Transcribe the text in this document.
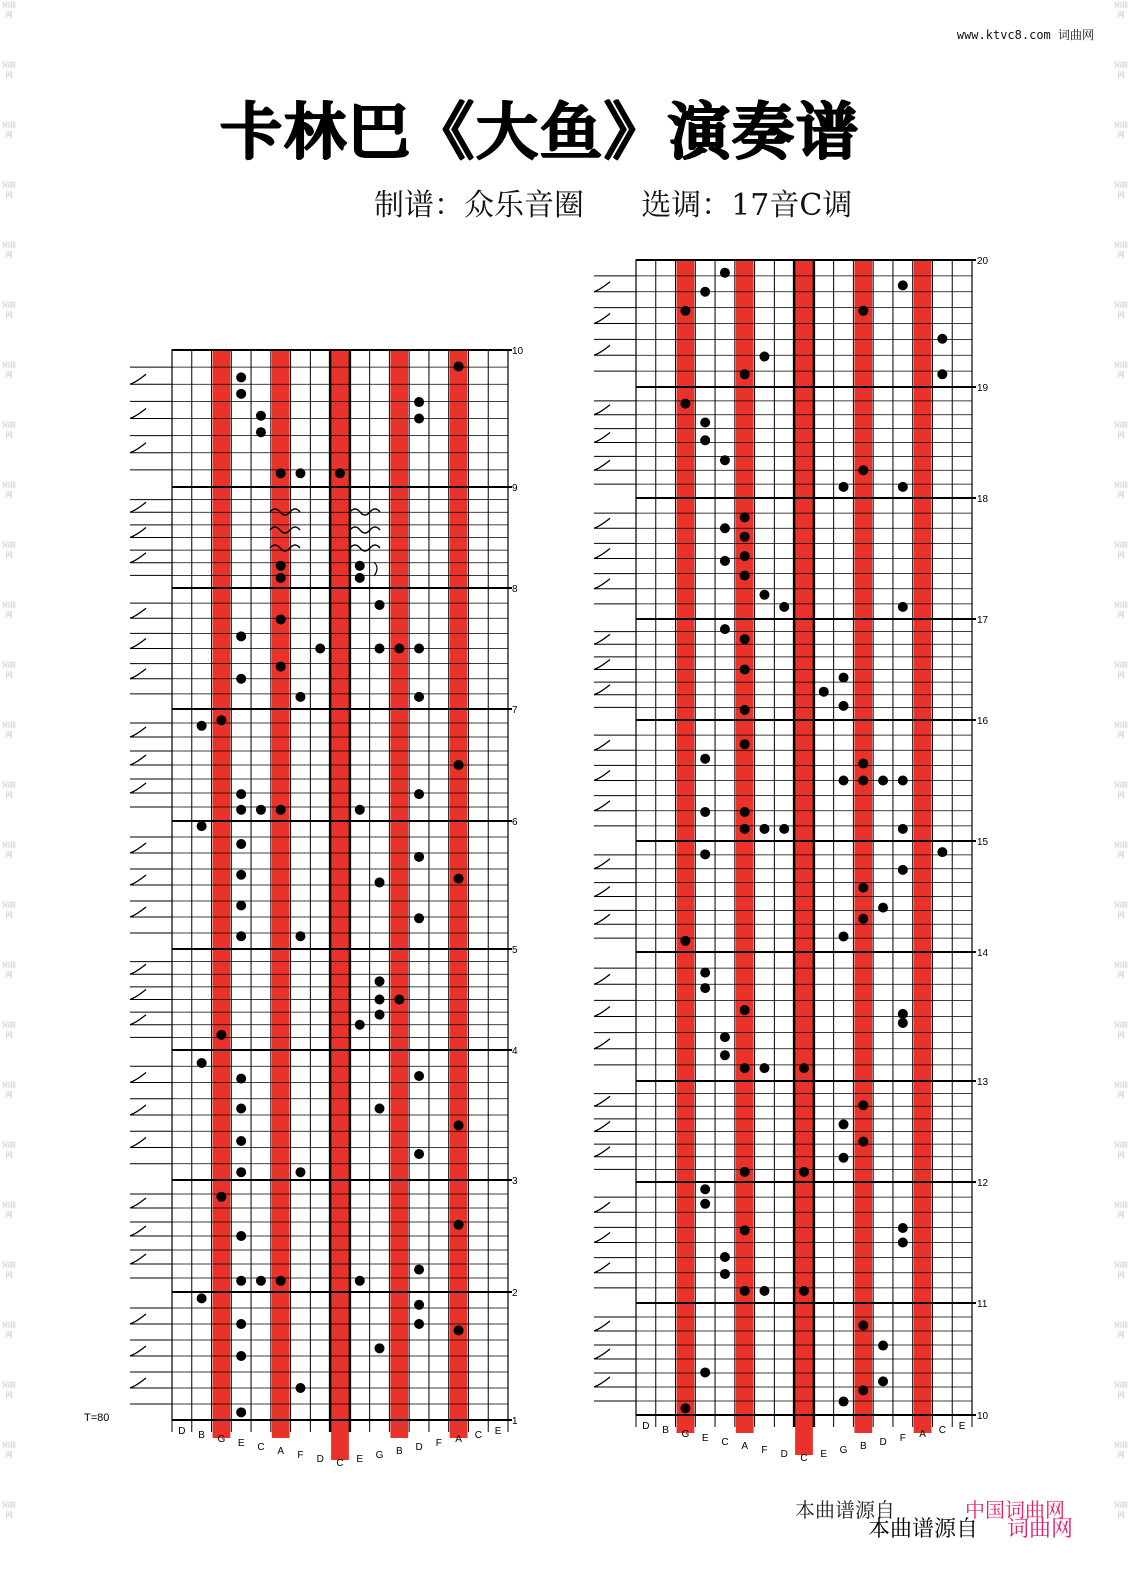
词曲网
词曲网
词曲网
词曲网
词曲网
词曲网
词曲网
词曲网
词曲网
词曲网
词曲网
词曲网
词曲网
词曲网
词曲网
词曲网
词曲网
词曲网
词曲网
词曲网
词曲网
词曲网
词曲网
词曲网
词曲网
词曲网
词曲网
词曲网
词曲网
词曲网
词曲网
词曲网
词曲网
词曲网
词曲网
词曲网
词曲网
词曲网
词曲网
词曲网
词曲网
词曲网
词曲网
词曲网
词曲网
词曲网
词曲网
词曲网
词曲网
词曲网
词曲网
词曲网
www.ktvc8.com 词曲网
卡林巴《大鱼》演奏谱
制谱：众乐音圈 选调：17音C调
1
2
3
4
5
6
7
8
9
10
D B G E C A F D C E G B D F A C E
10
11
12
13
14
15
16
17
18
19
20
D B G E C A F D C E G B D F A C E
T=80
本曲谱源自	中国词曲网
本曲谱源自 词曲网
